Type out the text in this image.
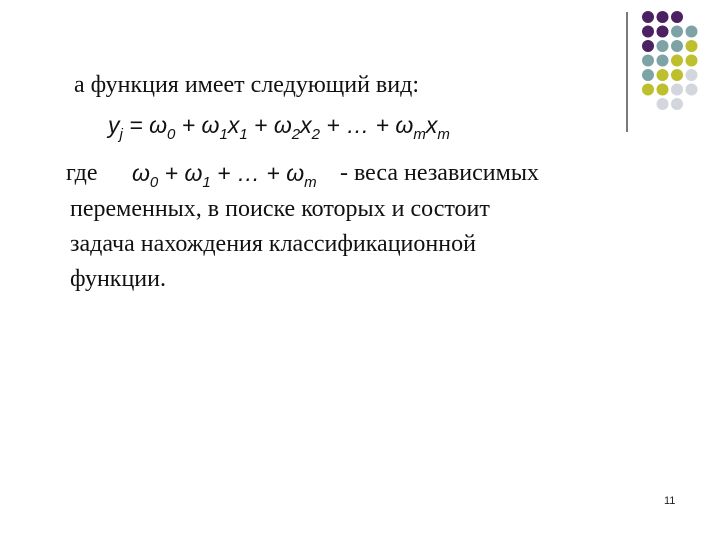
а функция имеет следующий вид:
$y_j = \omega_0 + \omega_1x_1 + \omega_2x_2$ + … + $\omega_mx_m$
где $\omega_0 + \omega_1$ + … + $\omega_m$ - веса независимых
переменных, в поиске которых и состоит
задача нахождения классификационной
функции.
11
